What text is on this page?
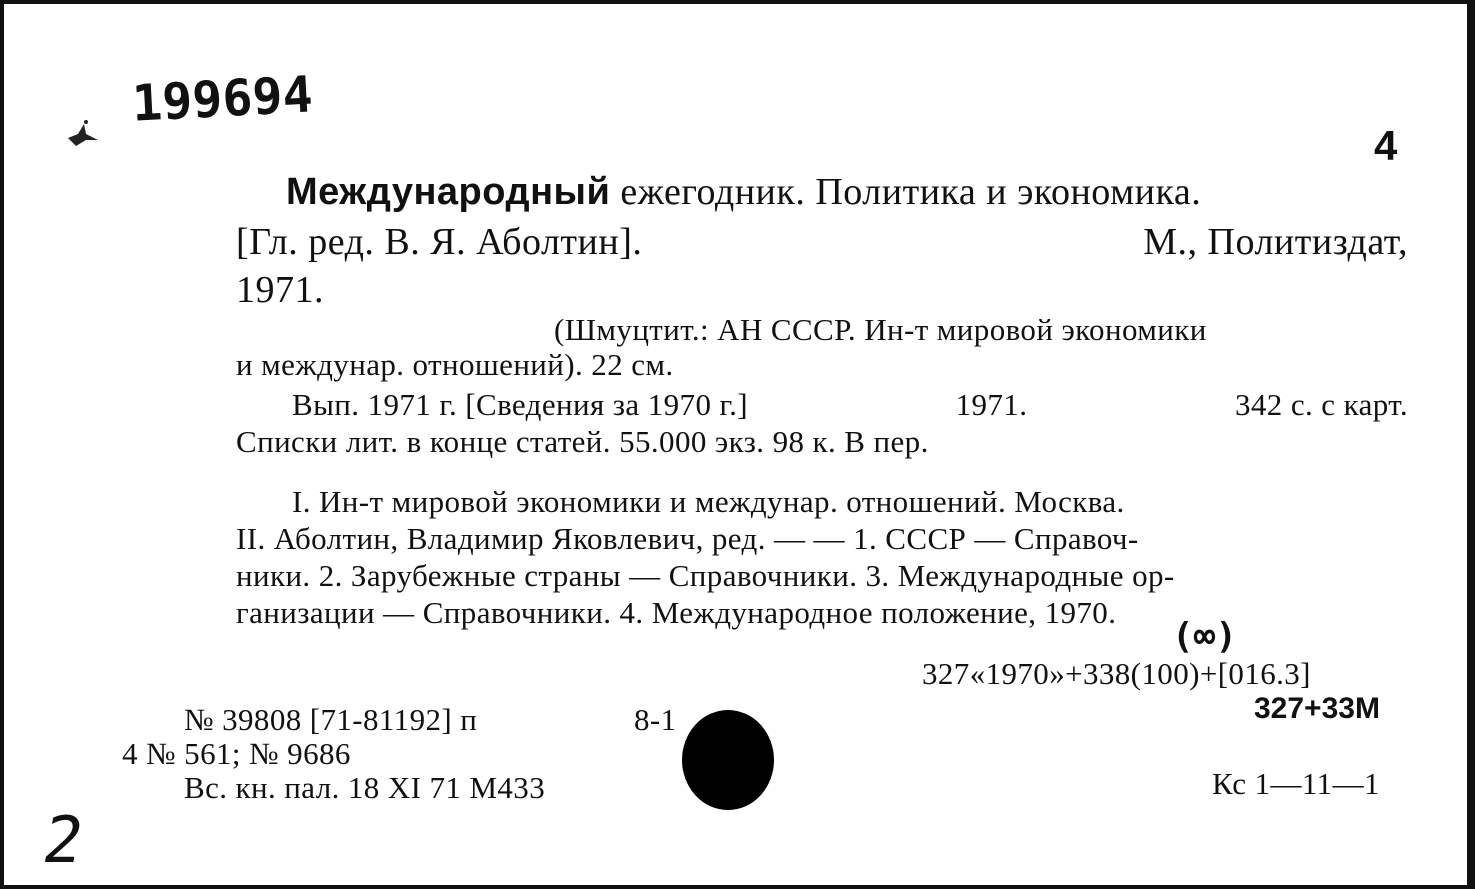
199694
4
Международный ежегодник. Политика и экономика.
[Гл. ред. В. Я. Аболтин].	М., Политиздат,
1971.
(Шмуцтит.: АН СССР. Ин-т мировой экономики
и междунар. отношений). 22 см.
Вып. 1971 г. [Сведения за 1970 г.]	1971.	342 с. с карт.
Списки лит. в конце статей. 55.000 экз. 98 к. В пер.
I. Ин-т мировой экономики и междунар. отношений. Москва.
II. Аболтин, Владимир Яковлевич, ред. — — 1. СССР — Справоч-
ники. 2. Зарубежные страны — Справочники. 3. Международные ор-
ганизации — Справочники. 4. Международное положение, 1970.
(∞)
327«1970»+338(100)+[016.3]
327+33М
№ 39808 [71-81192] п	8-1
4 № 561; № 9686
Вс. кн. пал. 18 XI 71 М433	Кс 1—11—1
2
